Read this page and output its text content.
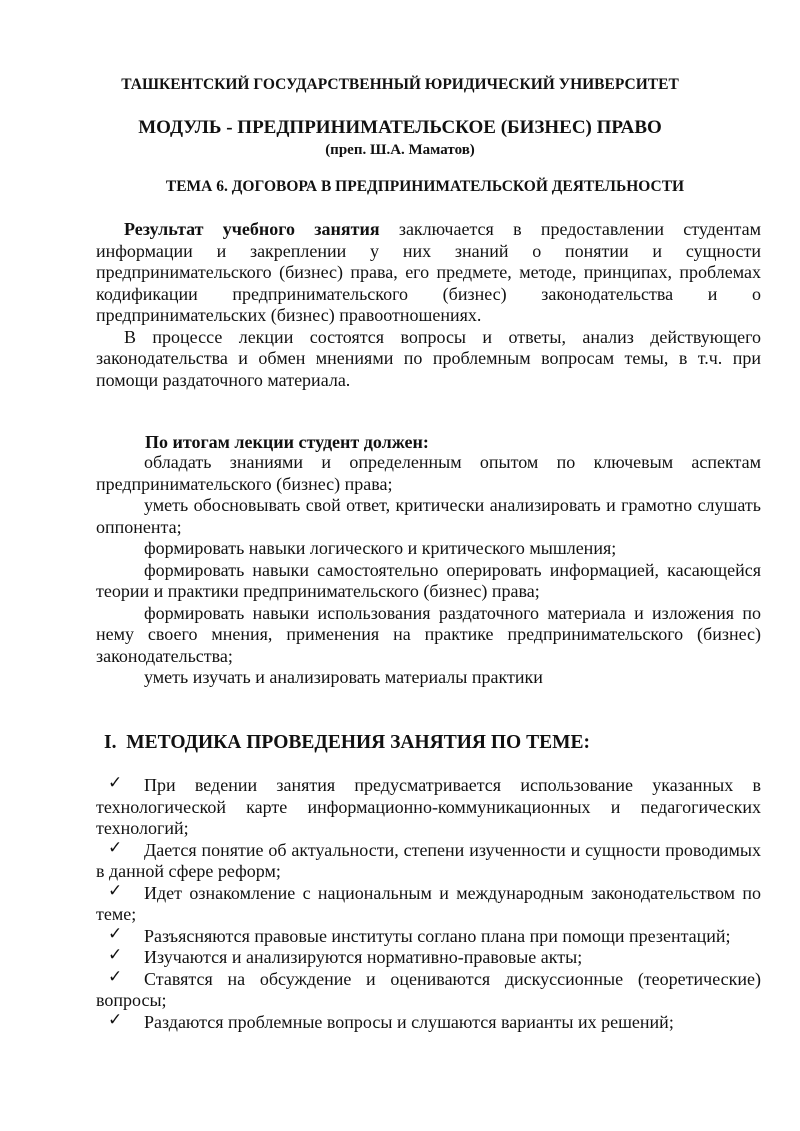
ТАШКЕНТСКИЙ ГОСУДАРСТВЕННЫЙ ЮРИДИЧЕСКИЙ УНИВЕРСИТЕТ
МОДУЛЬ - ПРЕДПРИНИМАТЕЛЬСКОЕ (БИЗНЕС) ПРАВО
(преп. Ш.А. Маматов)
ТЕМА 6. ДОГОВОРА В ПРЕДПРИНИМАТЕЛЬСКОЙ ДЕЯТЕЛЬНОСТИ
Результат учебного занятия заключается в предоставлении студентам информации и закреплении у них знаний о понятии и сущности предпринимательского (бизнес) права, его предмете, методе, принципах, проблемах кодификации предпринимательского (бизнес) законодательства и о предпринимательских (бизнес) правоотношениях.
В процессе лекции состоятся вопросы и ответы, анализ действующего законодательства и обмен мнениями по проблемным вопросам темы, в т.ч. при помощи раздаточного материала.
По итогам лекции студент должен:
обладать знаниями и определенным опытом по ключевым аспектам предпринимательского (бизнес) права;
уметь обосновывать свой ответ, критически анализировать и грамотно слушать оппонента;
формировать навыки логического и критического мышления;
формировать навыки самостоятельно оперировать информацией, касающейся теории и практики предпринимательского (бизнес) права;
формировать навыки использования раздаточного материала и изложения по нему своего мнения, применения на практике предпринимательского (бизнес) законодательства;
уметь изучать и анализировать материалы практики
I. МЕТОДИКА ПРОВЕДЕНИЯ ЗАНЯТИЯ ПО ТЕМЕ:
✓ При ведении занятия предусматривается использование указанных в технологической карте информационно-коммуникационных и педагогических технологий;
✓ Дается понятие об актуальности, степени изученности и сущности проводимых в данной сфере реформ;
✓ Идет ознакомление с национальным и международным законодательством по теме;
✓ Разъясняются правовые институты соглано плана при помощи презентаций;
✓ Изучаются и анализируются нормативно-правовые акты;
✓ Ставятся на обсуждение и оцениваются дискуссионные (теоретические) вопросы;
✓ Раздаются проблемные вопросы и слушаются варианты их решений;
